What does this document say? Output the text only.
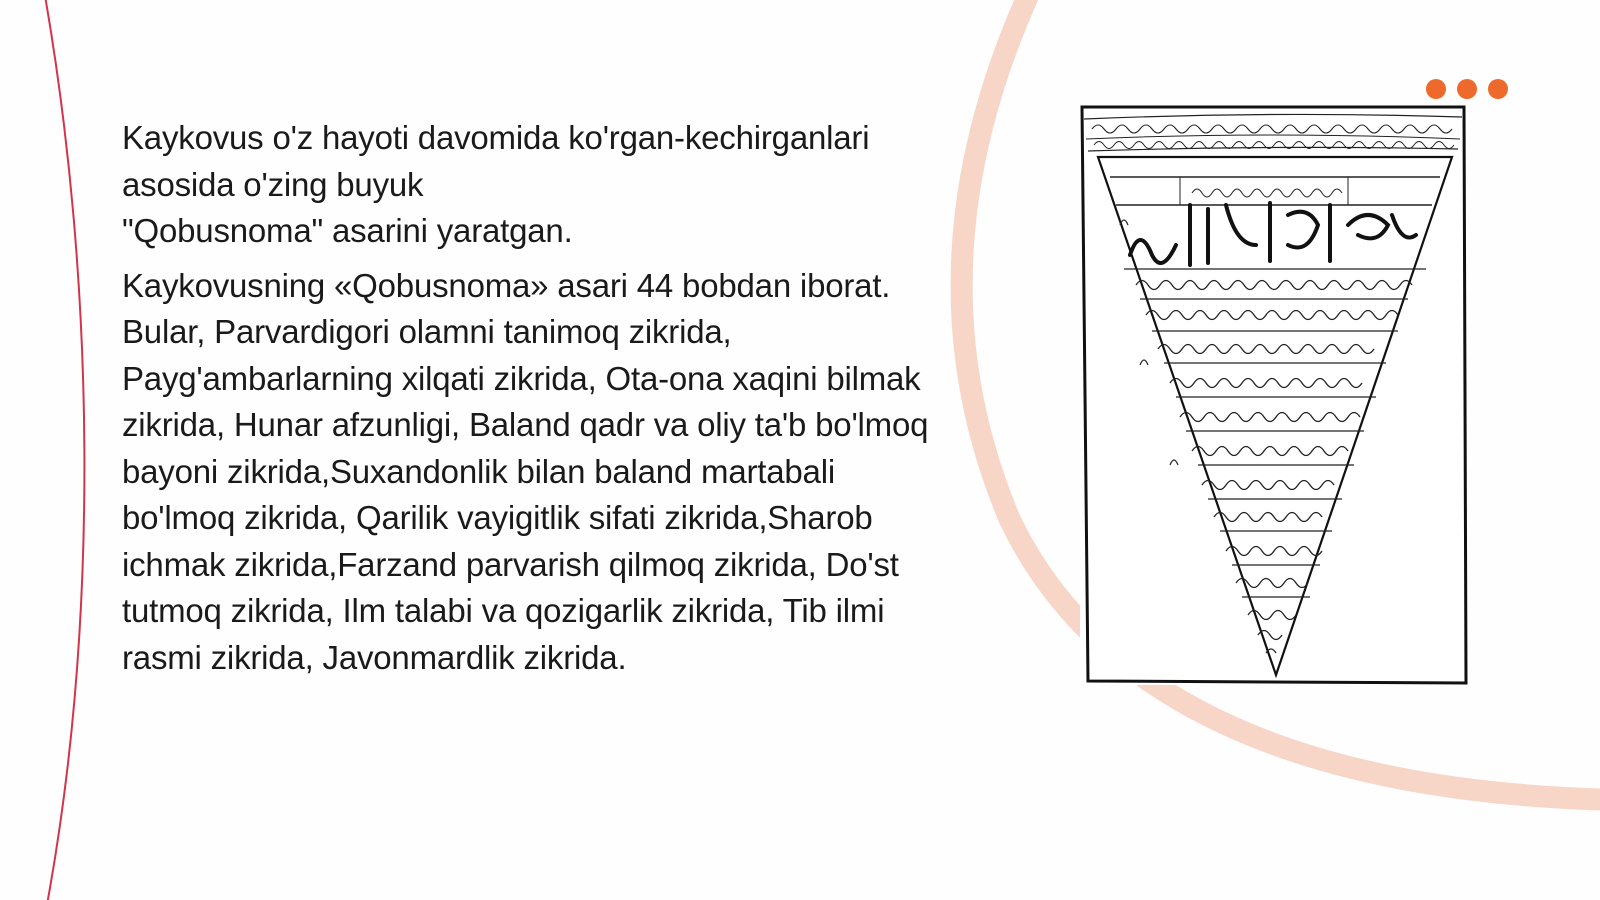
Kaykovus o'z hayoti davomida ko'rgan-kechirganlari
asosida o'zing buyuk
"Qobusnoma" asarini yaratgan.

Kaykovusning «Qobusnoma» asari 44 bobdan iborat.
Bular, Parvardigori olamni tanimoq zikrida,
Payg'ambarlarning xilqati zikrida, Ota-ona xaqini bilmak
zikrida, Hunar afzunligi, Baland qadr va oliy ta'b bo'lmoq
bayoni zikrida,Suxandonlik bilan baland martabali
bo'lmoq zikrida, Qarilik vayigitlik sifati zikrida,Sharob
ichmak zikrida,Farzand parvarish qilmoq zikrida, Do'st
tutmoq zikrida, Ilm talabi va qozigarlik zikrida, Tib ilmi
rasmi zikrida, Javonmardlik zikrida.
